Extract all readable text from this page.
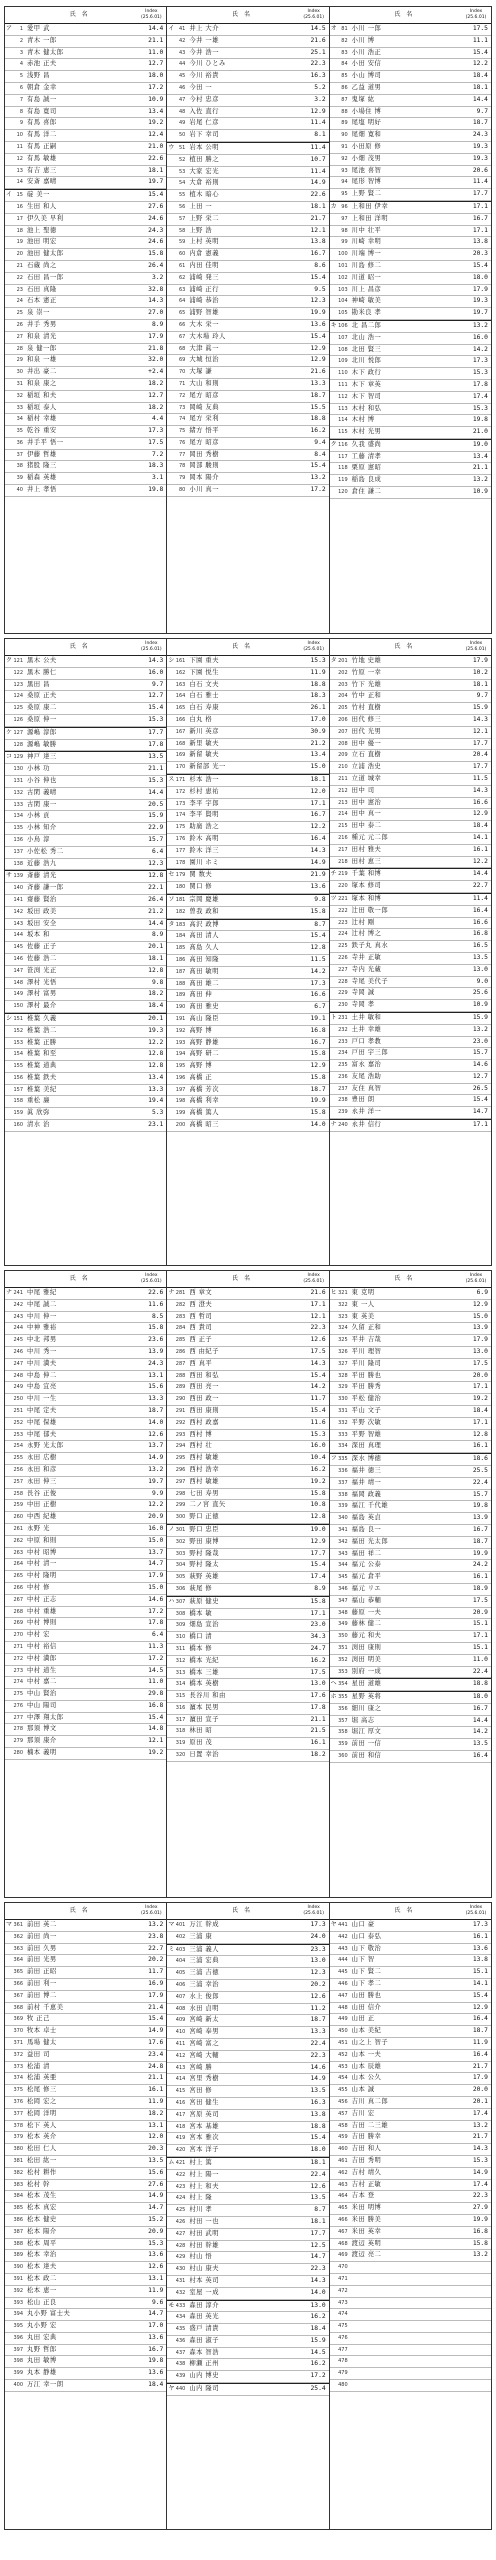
氏 名	Index
(25.6.01)
ア	1 愛甲 武	14.4
2 青木 一郎	21.1
3 青木 健太郎	11.0
4 赤池 正夫	12.7
5 浅野 昌	18.0
6 朝倉 金幸	17.2
7 有島 誠一	10.9
8 有島 寛司	13.4
9 有馬 喜郎	19.2
10 有馬 洋二	12.4
11 有馬 正嗣	21.0
12 有馬 敏雄	22.6
13 有吉 恵三	18.1
14 安斎 嘉晴	19.7
イ 15 碇 美一	15.4
16 生田 和人	27.6
17 伊久美 早利	24.6
18 池上 聖徳	24.3
19 池田 明宏	24.6
20 池田 健太郎	15.8
21 石蔵 尚之	26.4
22 石田 昌一郎	3.2
23 石田 真隆	32.8
24 石本 憲正	14.3
25 泉 崇一	27.0
26 井手 秀男	8.9
27 和泉 清光	17.9
28 泉 健一郎	21.8
29 和泉 一雄	32.0
30 井出 豪二	+2.4
31 和泉 康之	18.2
32 稲垣 和夫	12.7
33 稲垣 泰人	18.2
34 稲村 幸雄	4.4
35 乾谷 重安	17.3
36 井手平 悟一	17.5
37 伊藤 哲雄	7.2
38 猪股 隆三	18.3
39 稲森 英雄	3.1
40 井上 孝悟	19.8
氏 名	Index
(25.6.01)
イ 41 井上 大介	14.5
42 今井 一雄	21.6
43 今井 浩一	25.1
44 今川 ひとみ	22.3
45 今川 裕貴	16.3
46 今田 一	5.2
47 今村 忠彦	3.2
48 入佐 直行	12.9
49 岩尾 仁彦	11.4
50 岩下 幸司	8.1
ウ 51 岩本 公明	11.4
52 植田 勝之	10.7
53 大家 宏光	11.4
54 大倉 裕則	14.9
55 植木 暗心	22.6
56 上田 一	18.1
57 上野 栄二	21.7
58 上野 浩	12.1
59 上村 英明	13.8
60 内倉 憲義	16.7
61 内田 佳明	8.6
62 浦崎 発三	15.4
63 浦崎 正行	9.5
64 浦崎 恭治	12.3
65 浦野 智雄	19.9
66 大木 栄一	13.6
67 大木場 玲人	15.4
68 大津 眞一	12.9
69 大城 恒治	12.9
70 大塚 謙	21.6
71 大山 和則	13.3
72 尾方 昭彦	18.7
73 岡崎 友典	15.5
74 尾方 栄利	18.8
75 緒方 悟平	16.2
76 尾方 昭彦	9.4
77 岡田 秀樹	8.4
78 岡部 駿則	15.4
79 岡本 陽介	13.2
80 小川 真一	17.2
氏 名	Index
(25.6.01)
オ 81 小川 一郎	17.5
82 小川 博	11.1
83 小川 浩正	15.4
84 小田 安信	12.2
85 小山 博司	18.4
86 乙益 道男	18.1
87 鬼塚 紘	14.4
88 小場住 博	9.7
89 尾塩 明好	18.7
90 尾畑 寛和	24.3
91 小田原 修	19.3
92 小畑 茂男	19.3
93 尾池 喜智	20.6
94 尾形 智博	11.4
95 上野 賢二	17.7
カ 96 上和田 伊幸	17.1
97 上和田 洋明	16.7
98 川中 壮平	17.1
99 川崎 幸明	13.8
100 川端 博一	20.3
101 川島 修二	15.4
102 川道 昭一	18.0
103 川上 昌彦	17.9
104 神崎 敏美	19.3
105 勘米良 孝	19.7
キ 106 北 昌二郎	13.2
107 北山 浩一	16.0
108 北田 賢三	14.2
109 北川 悦郎	17.3
110 木下 政行	15.3
111 木下 章英	17.8
112 木下 智司	17.4
113 木村 和弘	15.3
114 木村 博	19.8
115 木村 光男	21.0
ク 116 久我 盛尚	19.0
117 工藤 清孝	13.4
118 栗原 憲昭	21.1
119 稲島 良成	13.2
120 倉住 謙二	10.9
氏 名	Index
(25.6.01)
ク 121 黒木 公夫	14.3
122 黒木 勝仁	16.0
123 黒田 昌	9.7
124 桑原 正夫	12.7
125 桑原 康二	15.4
126 桑原 伸一	15.3
ケ 127 源嶋 淳郎	17.7
128 源嶋 敏勝	17.8
コ 129 神戸 達三	13.5
130 小林 功	21.1
131 小谷 伸也	15.3
132 古閑 義晴	14.4
133 古閑 康一	20.5
134 小林 貢	15.9
135 小林 知介	22.9
136 小鳥 淳	15.7
137 小佐松 秀二	6.4
138 近藤 浩九	12.3
サ 139 斎藤 清光	12.8
140 斉藤 謙一郎	22.1
141 齋藤 賢治	26.4
142 坂田 政美	21.2
143 坂田 安全	14.4
144 坂本 和	8.9
145 佐藤 正子	20.1
146 佐藤 浩二	18.1
147 笹渕 光正	12.8
148 澤村 光悟	9.8
149 澤村 富男	18.2
150 澤村 最介	18.4
シ 151 椎葉 久義	20.1
152 椎葉 浩二	19.3
153 椎葉 正勝	12.2
154 椎葉 和至	12.8
155 椎葉 道典	12.8
156 椎葉 鉄夫	13.4
157 椎葉 美紀	13.3
158 重松 廉	19.4
159 眞 欣弥	5.3
160 清水 治	23.1
氏 名	Index
(25.6.01)
シ 161 下園 重夫	15.3
162 下園 悦生	11.9
163 白石 文夫	18.8
164 白石 雅士	18.3
165 白石 寿康	26.1
166 白丸 格	17.0
167 新川 英彦	30.9
168 新里 敏夫	21.2
169 新留 敏夫	13.4
170 新留部 光一	15.0
ス 171 杉本 浩一	18.1
172 杉村 恵祐	12.0
173 李平 宇郎	17.1
174 李平 賢明	16.7
175 助廣 浩之	12.2
176 鈴木 高明	16.4
177 鈴木 洋三	14.3
178 園川 ホミ	14.9
セ 179 関 数夫	21.9
180 関口 修	13.6
ソ 181 宗岡 慶雄	9.8
182 曽我 政和	15.8
タ 183 高沢 政博	8.7
184 高田 清人	15.4
185 髙島 久人	12.8
186 高田 知隆	11.5
187 髙田 敏明	14.2
188 髙田 雄二	17.3
189 髙田 伸	16.6
190 髙田 雅史	6.7
191 高山 隆臣	19.1
192 高野 博	16.8
193 高野 静雄	16.7
194 高野 研二	15.8
195 高野 博	12.9
196 高橋 正	15.8
197 高橋 芳次	18.7
198 高橋 利幸	19.9
199 高橋 篤人	15.8
200 高橋 昭三	14.0
氏 名	Index
(25.6.01)
タ 201 竹地 史雄	17.9
202 竹原 一幸	10.2
203 竹下 光雄	18.1
204 竹中 正和	9.7
205 竹村 直樹	15.9
206 田代 修三	14.3
207 田代 光男	12.1
208 田中 優一	17.7
209 立石 直樹	20.4
210 立浦 浩史	17.7
211 立道 城幸	11.5
212 田中 司	14.3
213 田中 憲治	16.6
214 田中 真一	12.9
215 田中 泰二	18.4
216 種元 元二郎	14.1
217 田村 雅夫	16.1
218 田村 恵三	12.2
チ 219 千葉 和博	14.4
220 塚本 修司	22.7
ツ 221 塚本 和博	11.4
222 辻田 敬一郎	16.4
223 辻村 剛	16.6
224 辻村 博之	16.8
225 鉄子丸 真水	16.5
226 寺井 正敏	13.5
227 寺内 光蔵	13.0
228 寺尾 美代子	9.0
229 寺岡 誠	25.6
230 寺岡 孝	10.9
ト 231 土井 敏和	15.9
232 土井 幸雄	13.2
233 戸口 孝教	23.0
234 戸田 宇三郎	15.7
235 富永 嘉治	14.6
236 友尾 浩助	12.7
237 友住 真智	26.5
238 豊田 朗	15.4
239 永井 洋一	14.7
ナ 240 永井 信行	17.1
氏 名	Index
(25.6.01)
ナ 241 中尾 雅紀	22.6
242 中尾 誠二	11.6
243 中川 伸一	8.5
244 中神 雅裕	15.8
245 中北 邦男	23.6
246 中川 秀一	13.9
247 中川 満夫	24.3
248 中島 伸二	13.1
249 中島 宜亮	15.6
250 中川 一生	13.3
251 中尾 定夫	18.7
252 中尾 保雄	14.0
253 中尾 郁夫	12.6
254 永野 光太郎	13.7
255 永田 広樹	14.9
256 永田 和彦	13.2
257 永田 伸三	19.7
258 長谷 正俊	9.9
259 中田 正樹	12.2
260 中西 紀雄	20.9
261 永野 光	16.0
262 中原 和則	15.0
263 中村 昭博	13.7
264 中村 清一	14.7
265 中村 隆明	17.9
266 中村 修	15.0
267 中村 正志	14.6
268 中村 重雄	17.2
269 中村 博則	17.8
270 中村 宏	6.4
271 中村 裕信	11.3
272 中村 満郎	17.2
273 中村 道生	14.5
274 中村 嘉二	11.0
275 中山 賢治	29.8
276 中山 陽司	16.8
277 中澤 翔太郎	15.4
278 那須 博文	14.8
279 那須 康介	12.1
280 楠本 義明	19.2
氏 名	Index
(25.6.01)
ナ 281 西 章文	21.6
282 西 澄夫	17.1
283 西 哲司	12.1
284 西 貴司	22.3
285 西 正子	12.6
286 西 由紀子	17.5
287 西 真平	14.3
288 西田 和弘	15.4
289 西田 亮一	14.2
290 西田 政一	11.7
291 西田 康則	15.4
292 西村 政嘉	11.6
293 西村 博	15.3
294 西村 壮	16.0
295 西村 敏雄	10.4
296 西村 浩幸	16.2
297 西村 敏雄	19.2
298 七田 寿男	15.8
299 二ノ宮 直矢	10.8
300 野口 正徳	12.8
ノ 301 野口 忠臣	19.0
302 野田 康博	12.9
303 野村 隆哉	17.7
304 野村 隆太	15.4
305 萩野 英雄	17.4
306 萩尾 修	8.9
ハ 307 萩原 健史	15.8
308 橋本 敏	17.1
309 畑島 宣治	23.0
310 橋口 清	34.3
311 橋本 修	24.7
312 橋本 光紀	16.2
313 橋本 三雄	17.5
314 橋本 英樹	13.0
315 長谷川 和由	17.6
316 濵本 民男	17.8
317 濵田 宣子	21.1
318 林田 昭	21.5
319 原田 茂	16.1
320 日置 幸治	18.2
氏 名	Index
(25.6.01)
ヒ 321 東 克明	6.9
322 東 一人	12.9
323 東 英美	15.0
324 久留 正和	13.9
325 平井 吉哉	17.9
326 平川 理智	13.0
327 平川 隆司	17.5
328 平田 勝也	20.0
329 平田 勝秀	17.1
330 平松 健治	19.2
331 平山 文子	18.4
332 平野 次敏	17.1
333 平野 智雄	12.8
334 深田 真理	16.1
フ 335 深水 博徳	18.6
336 福井 徳三	25.5
337 福井 靖一	22.4
338 福岡 政義	15.7
339 福江 千代雄	19.8
340 福島 英貞	13.9
341 福島 良一	16.7
342 福田 光太郎	18.7
343 福田 祥二	19.9
344 福元 公泰	24.2
345 福元 倉平	16.1
346 福元 リエ	18.9
347 福山 恭輔	17.5
348 藤原 一夫	20.9
349 藤林 健二	15.1
350 藤元 和夫	17.1
351 渕田 康則	15.1
352 渕田 明美	11.0
353 別府 一成	22.4
ヘ 354 星田 道雄	18.8
ホ 355 星野 英将	18.0
356 細川 康之	16.7
357 堀 高志	14.4
358 堀江 厚文	14.2
359 前田 一信	13.5
360 前田 和信	16.4
氏 名	Index
(25.6.01)
マ 361 前田 英二	13.2
362 前田 尚一	23.8
363 前田 久男	22.7
364 前田 光男	20.2
365 前田 正昭	11.7
366 前田 利一	16.9
367 前田 博二	17.9
368 前村 千恵美	21.4
369 牧 正己	15.4
370 牧本 卓士	14.9
371 馬場 健太	17.6
372 益田 司	23.4
373 松浦 清	24.8
374 松浦 英亜	21.1
375 松尾 修三	16.1
376 松岡 宏之	11.9
377 松岡 洋明	18.2
378 松下 英人	13.1
379 松本 英介	12.0
380 松田 仁人	20.3
381 松田 紘一	13.5
382 松村 耕作	15.6
383 松村 幹	27.6
384 松本 茂生	14.9
385 松本 真宏	14.7
386 松本 健史	15.2
387 松本 陽介	20.9
388 松本 周平	15.3
389 松本 幸治	13.6
390 松本 達夫	12.6
391 松本 政二	13.1
392 松本 恵一	11.9
393 松山 正良	9.6
394 丸小野 富士夫	14.7
395 丸小野 宏	17.0
396 丸田 宏典	13.6
397 丸野 哲郎	16.7
398 丸田 敏博	19.8
399 丸本 静雄	13.6
400 万江 幸一朗	18.4
氏 名	Index
(25.6.01)
マ 401 万江 幹成	17.3
402 三浦 康	24.0
ミ 403 三浦 義人	23.3
404 三浦 宏典	13.0
405 三浦 吉徳	12.3
406 三浦 幸治	20.2
407 水上 俊郎	12.6
408 水田 貞明	11.2
409 宮崎 新太	18.7
410 宮崎 奉男	13.3
411 宮崎 富之	22.4
412 宮崎 大輔	22.3
413 宮崎 勝	14.6
414 宮里 秀樹	14.9
415 宮田 修	13.5
416 宮田 健生	16.3
417 宮原 英司	13.8
418 宮本 基雄	18.8
419 宮本 雅次	15.4
420 宮本 洋子	18.0
ム 421 村上 篤	18.1
422 村上 陽一	22.4
423 村上 和夫	12.6
424 村上 隆	13.5
425 村川 孝	8.7
426 村田 一也	18.1
427 村田 武明	17.7
428 村田 幹雄	12.5
429 村山 悟	14.7
430 村山 康夫	22.3
431 村本 英司	14.3
432 室屋 一成	14.0
モ 433 森田 淳介	13.0
434 森田 英光	16.2
435 盛戸 清貴	18.4
436 森田 淑子	15.9
437 森本 智浩	14.5
438 柳瀬 正州	16.2
439 山内 博史	17.2
ヤ 440 山内 隆司	25.4
氏 名	Index
(25.6.01)
ヤ 441 山口 豪	17.3
442 山口 泰弘	16.1
443 山下 敬治	13.6
444 山下 智	13.8
445 山下 賢二	15.1
446 山下 孝二	14.1
447 山田 勝也	15.4
448 山田 信介	12.9
449 山田 正	16.4
450 山本 美紀	18.7
451 山之上 智子	11.9
452 山本 一夫	16.4
453 山本 辰雄	21.7
454 山本 公久	17.9
455 山本 誠	20.0
456 吉川 真二郎	20.1
457 吉川 宏	17.4
458 吉田 二三雄	13.2
459 吉田 勝幸	21.7
460 吉田 和人	14.3
461 吉田 秀明	15.3
462 吉村 靖久	14.9
463 吉村 正敏	17.4
464 吉本 登	22.3
465 米田 明博	27.9
466 米田 勝美	19.9
467 米田 英幸	16.8
468 渡辺 英明	15.8
469 渡辺 亮二	13.2
470
471
472
473
474
475
476
477
478
479
480
